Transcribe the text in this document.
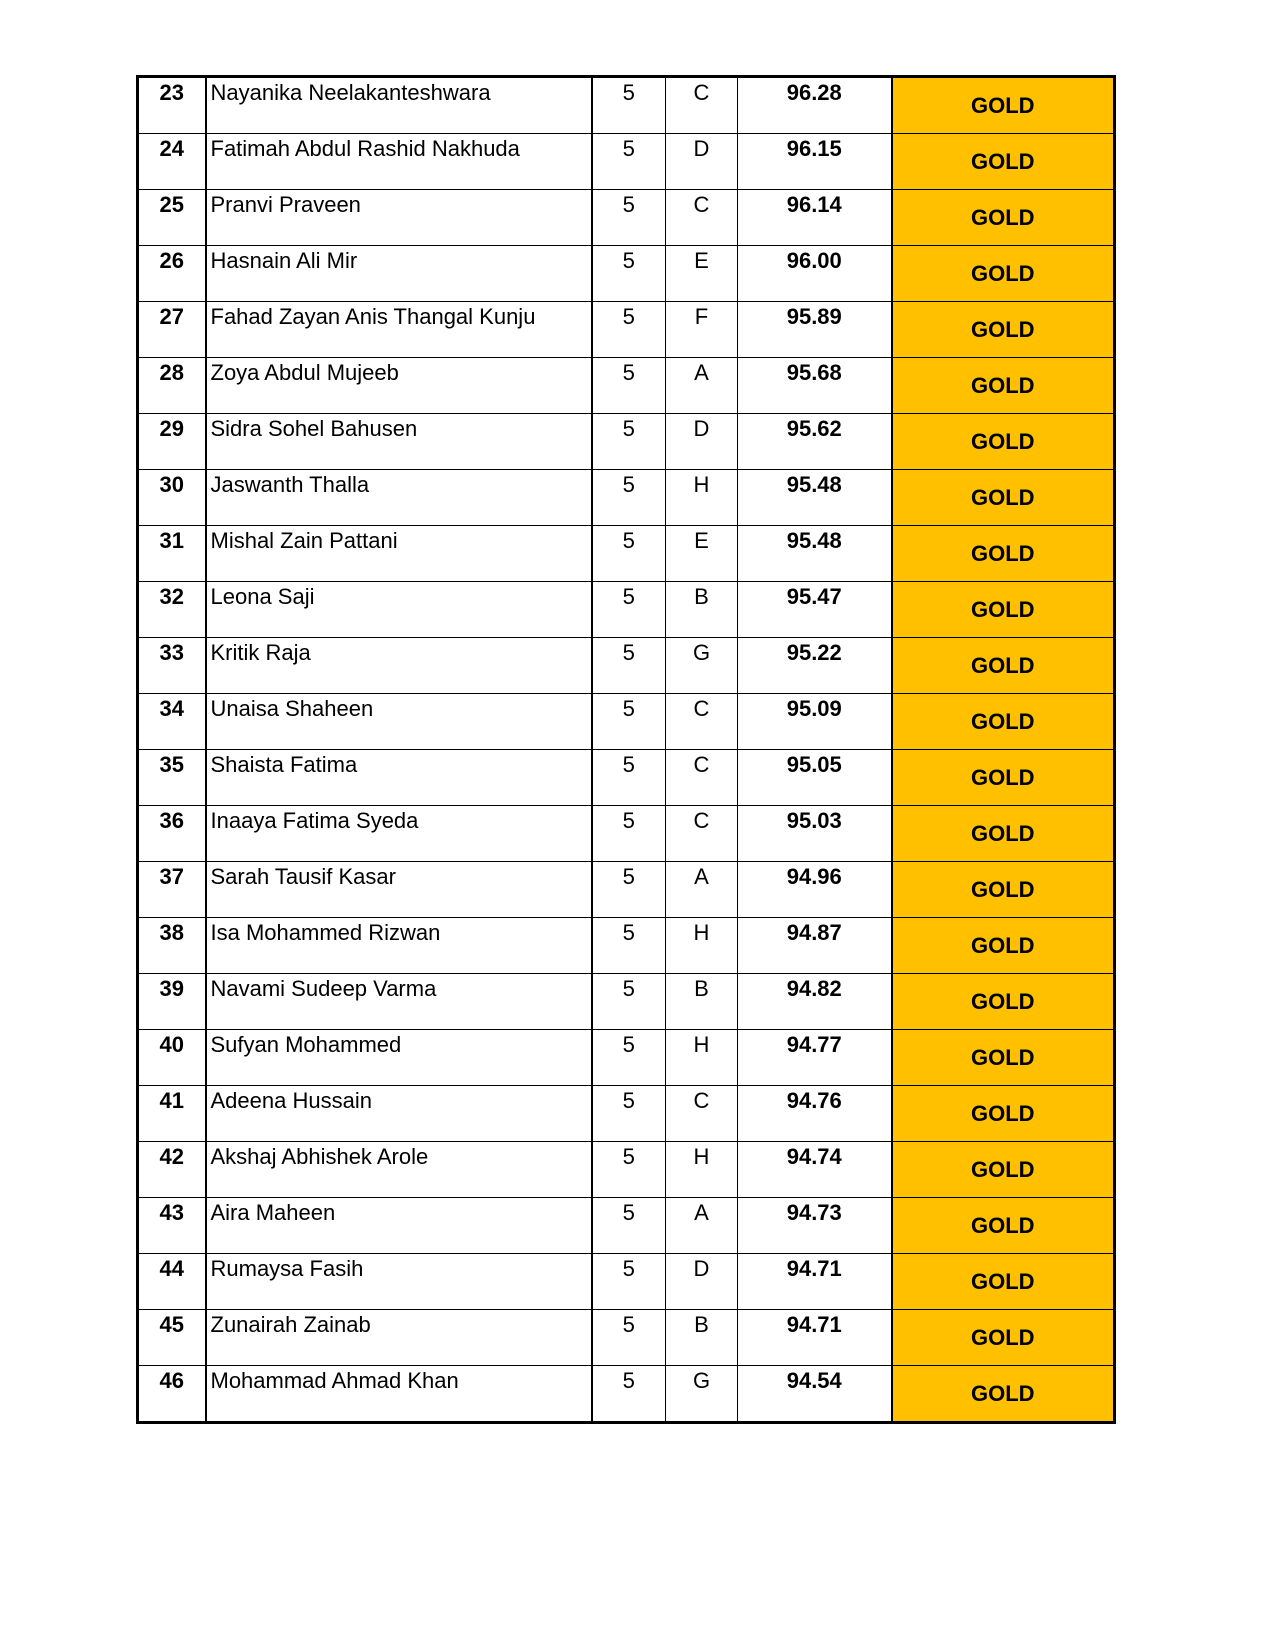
23	Nayanika Neelakanteshwara	5	C	96.28	GOLD

24	Fatimah Abdul Rashid Nakhuda	5	D	96.15	GOLD

25	Pranvi Praveen	5	C	96.14	GOLD

26	Hasnain Ali Mir	5	E	96.00	GOLD

27	Fahad Zayan Anis Thangal Kunju	5	F	95.89	GOLD

28	Zoya Abdul Mujeeb	5	A	95.68	GOLD

29	Sidra Sohel Bahusen	5	D	95.62	GOLD

30	Jaswanth Thalla	5	H	95.48	GOLD

31	Mishal Zain Pattani	5	E	95.48	GOLD

32	Leona Saji	5	B	95.47	GOLD

33	Kritik Raja	5	G	95.22	GOLD

34	Unaisa Shaheen	5	C	95.09	GOLD

35	Shaista Fatima	5	C	95.05	GOLD

36	Inaaya Fatima Syeda	5	C	95.03	GOLD

37	Sarah Tausif Kasar	5	A	94.96	GOLD

38	Isa Mohammed Rizwan	5	H	94.87	GOLD

39	Navami Sudeep Varma	5	B	94.82	GOLD

40	Sufyan Mohammed	5	H	94.77	GOLD

41	Adeena Hussain	5	C	94.76	GOLD

42	Akshaj Abhishek Arole	5	H	94.74	GOLD

43	Aira Maheen	5	A	94.73	GOLD

44	Rumaysa Fasih	5	D	94.71	GOLD

45	Zunairah Zainab	5	B	94.71	GOLD

46	Mohammad Ahmad Khan	5	G	94.54	GOLD
